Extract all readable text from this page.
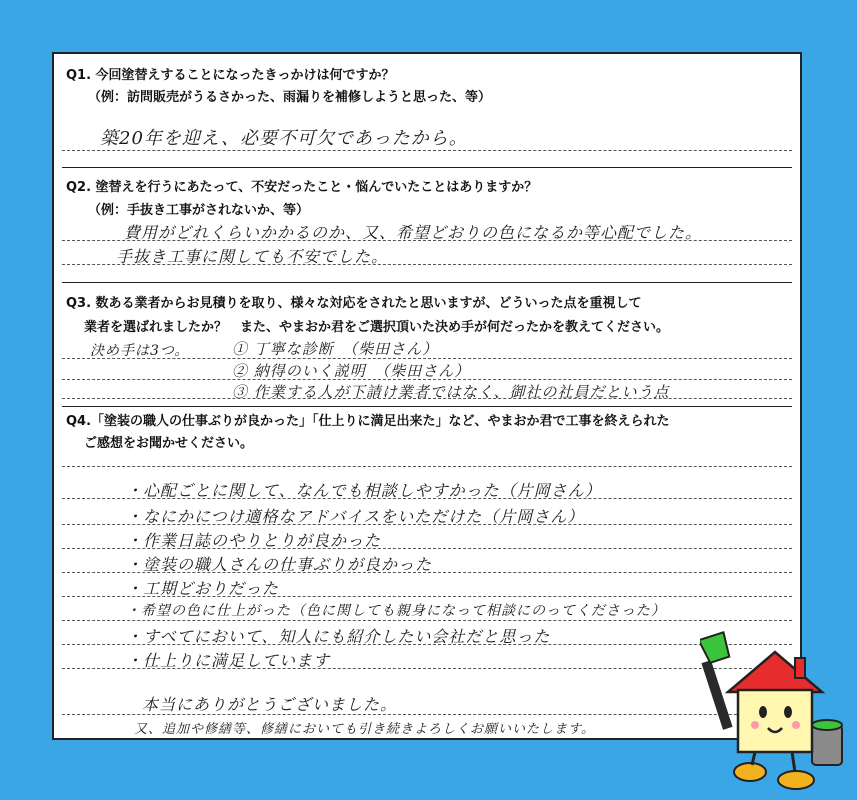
Q1. 今回塗替えすることになったきっかけは何ですか？
（例：訪問販売がうるさかった、雨漏りを補修しようと思った、等）
築20年を迎え、必要不可欠であったから。
Q2. 塗替えを行うにあたって、不安だったこと・悩んでいたことはありますか？
（例：手抜き工事がされないか、等）
費用がどれくらいかかるのか、又、希望どおりの色になるか等心配でした。
手抜き工事に関しても不安でした。
Q3. 数ある業者からお見積りを取り、様々な対応をされたと思いますが、どういった点を重視して
業者を選ばれましたか？　また、やまおか君をご選択頂いた決め手が何だったかを教えてください。
決め手は3つ。	① 丁寧な診断　（柴田さん）
② 納得のいく説明　（柴田さん）
③ 作業する人が下請け業者ではなく、御社の社員だという点
Q4.「塗装の職人の仕事ぶりが良かった」「仕上りに満足出来た」など、やまおか君で工事を終えられた
ご感想をお聞かせください。
・心配ごとに関して、なんでも相談しやすかった（片岡さん）
・なにかにつけ適格なアドバイスをいただけた（片岡さん）
・作業日誌のやりとりが良かった
・塗装の職人さんの仕事ぶりが良かった
・工期どおりだった
・希望の色に仕上がった（色に関しても親身になって相談にのってくださった）
・すべてにおいて、知人にも紹介したい会社だと思った
・仕上りに満足しています
本当にありがとうございました。
又、追加や修繕等、修繕においても引き続きよろしくお願いいたします。
